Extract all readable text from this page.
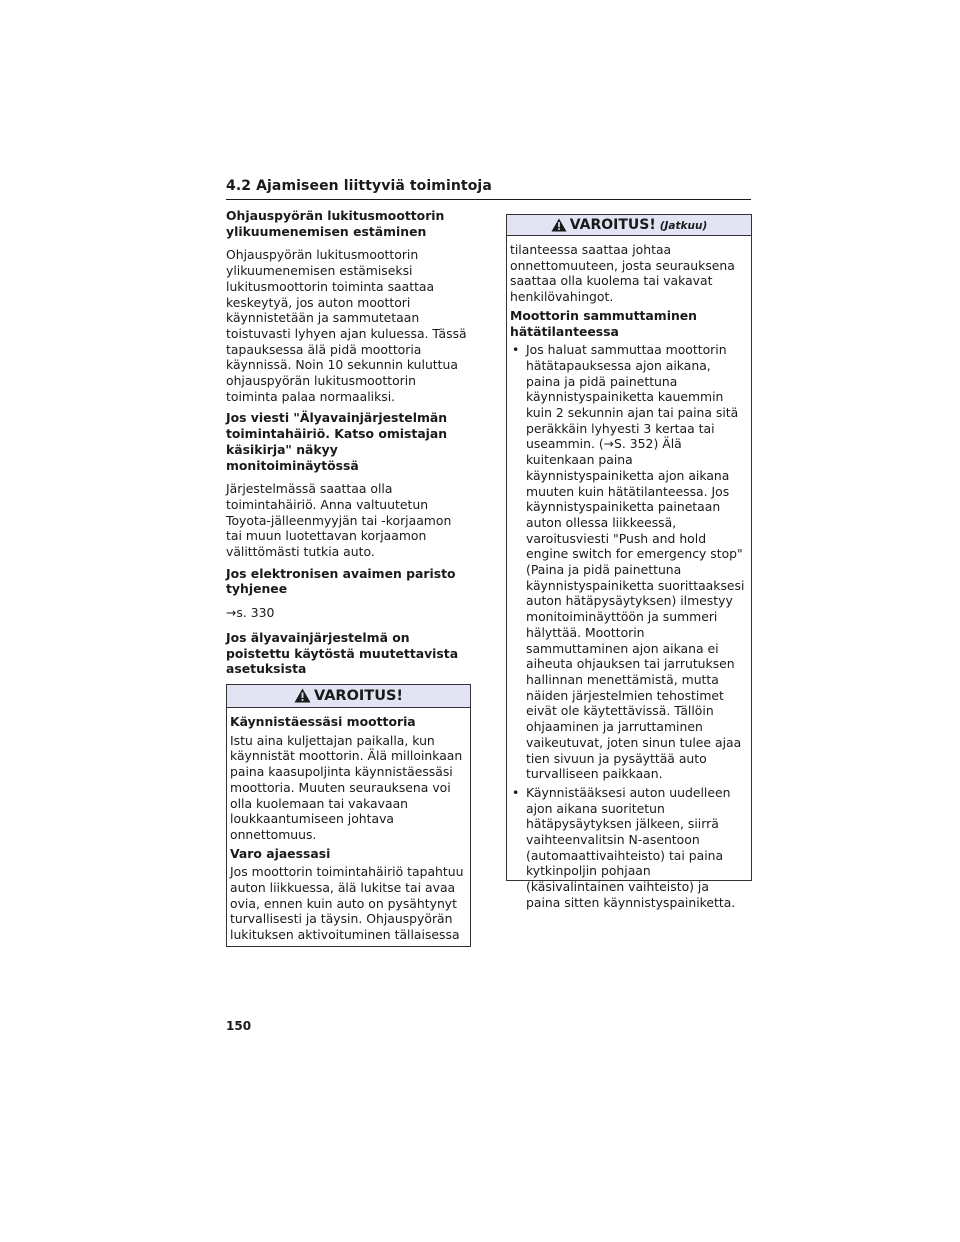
4.2 Ajamiseen liittyviä toimintoja

Ohjauspyörän lukitusmoottorin ylikuumenemisen estäminen

Ohjauspyörän lukitusmoottorin ylikuumenemisen estämiseksi lukitusmoottorin toiminta saattaa keskeytyä, jos auton moottori käynnistetään ja sammutetaan toistuvasti lyhyen ajan kuluessa. Tässä tapauksessa älä pidä moottoria käynnissä. Noin 10 sekunnin kuluttua ohjauspyörän lukitusmoottorin toiminta palaa normaaliksi.

Jos viesti "Älyavainjärjestelmän toimintahäiriö. Katso omistajan käsikirja" näkyy monitoiminäytössä

Järjestelmässä saattaa olla toimintahäiriö. Anna valtuutetun Toyota-jälleenmyyjän tai -korjaamon tai muun luotettavan korjaamon välittömästi tutkia auto.

Jos elektronisen avaimen paristo tyhjenee

→s. 330

Jos älyavainjärjestelmä on poistettu käytöstä muutettavista asetuksista

VAROITUS!

Käynnistäessäsi moottoria

Istu aina kuljettajan paikalla, kun käynnistät moottorin. Älä milloinkaan paina kaasupoljinta käynnistäessäsi moottoria. Muuten seurauksena voi olla kuolemaan tai vakavaan loukkaantumiseen johtava onnettomuus.

Varo ajaessasi

Jos moottorin toimintahäiriö tapahtuu auton liikkuessa, älä lukitse tai avaa ovia, ennen kuin auto on pysähtynyt turvallisesti ja täysin. Ohjauspyörän lukituksen aktivoituminen tällaisessa

VAROITUS! (Jatkuu)

tilanteessa saattaa johtaa onnettomuuteen, josta seurauksena saattaa olla kuolema tai vakavat henkilövahingot.

Moottorin sammuttaminen hätätilanteessa

• Jos haluat sammuttaa moottorin hätätapauksessa ajon aikana, paina ja pidä painettuna käynnistyspainiketta kauemmin kuin 2 sekunnin ajan tai paina sitä peräkkäin lyhyesti 3 kertaa tai useammin. (→S. 352) Älä kuitenkaan paina käynnistyspainiketta ajon aikana muuten kuin hätätilanteessa. Jos käynnistyspainiketta painetaan auton ollessa liikkeessä, varoitusviesti "Push and hold engine switch for emergency stop" (Paina ja pidä painettuna käynnistyspainiketta suorittaaksesi auton hätäpysäytyksen) ilmestyy monitoiminäyttöön ja summeri hälyttää. Moottorin sammuttaminen ajon aikana ei aiheuta ohjauksen tai jarrutuksen hallinnan menettämistä, mutta näiden järjestelmien tehostimet eivät ole käytettävissä. Tällöin ohjaaminen ja jarruttaminen vaikeutuvat, joten sinun tulee ajaa tien sivuun ja pysäyttää auto turvalliseen paikkaan.
• Käynnistääksesi auton uudelleen ajon aikana suoritetun hätäpysäytyksen jälkeen, siirrä vaihteenvalitsin N-asentoon (automaattivaihteisto) tai paina kytkinpoljin pohjaan (käsivalintainen vaihteisto) ja paina sitten käynnistyspainiketta.
150
